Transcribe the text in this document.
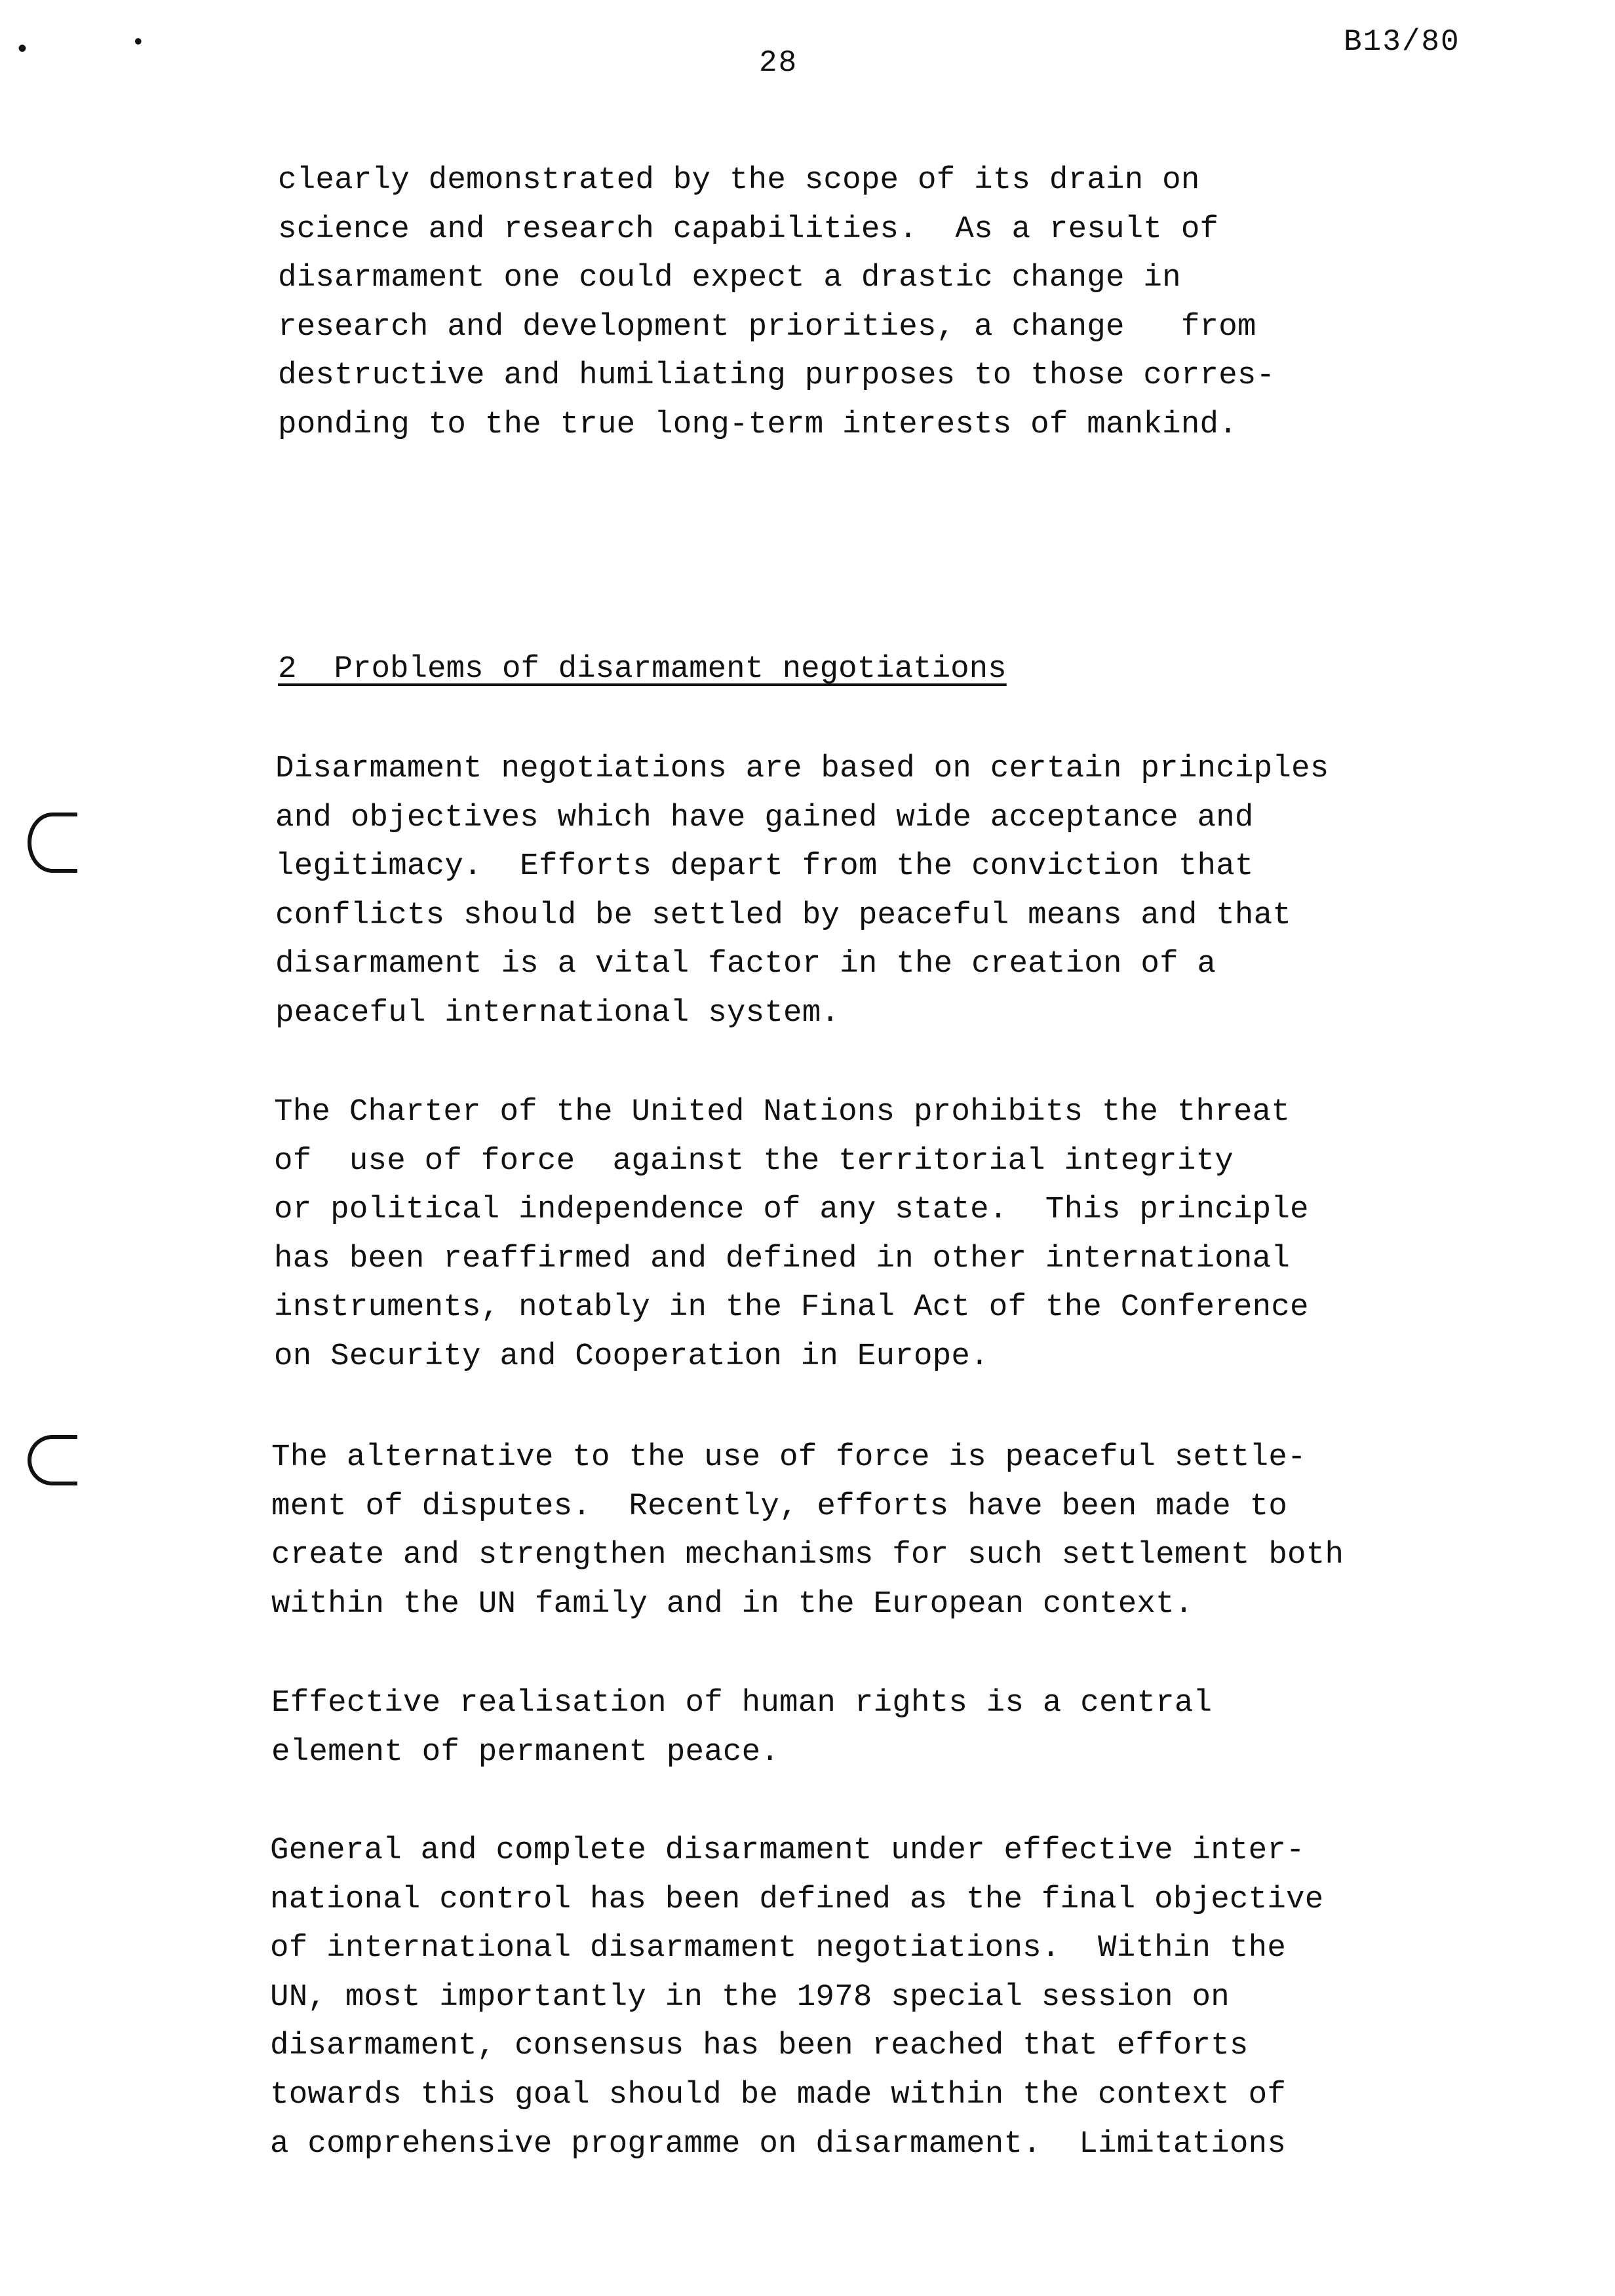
•	•
28
B13/80
clearly demonstrated by the scope of its drain on
science and research capabilities.  As a result of
disarmament one could expect a drastic change in
research and development priorities, a change   from
destructive and humiliating purposes to those corres-
ponding to the true long-term interests of mankind.
2  Problems of disarmament negotiations
Disarmament negotiations are based on certain principles
and objectives which have gained wide acceptance and
legitimacy.  Efforts depart from the conviction that
conflicts should be settled by peaceful means and that
disarmament is a vital factor in the creation of a
peaceful international system.
The Charter of the United Nations prohibits the threat
of  use of force  against the territorial integrity
or political independence of any state.  This principle
has been reaffirmed and defined in other international
instruments, notably in the Final Act of the Conference
on Security and Cooperation in Europe.
The alternative to the use of force is peaceful settle-
ment of disputes.  Recently, efforts have been made to
create and strengthen mechanisms for such settlement both
within the UN family and in the European context.
Effective realisation of human rights is a central
element of permanent peace.
General and complete disarmament under effective inter-
national control has been defined as the final objective
of international disarmament negotiations.  Within the
UN, most importantly in the 1978 special session on
disarmament, consensus has been reached that efforts
towards this goal should be made within the context of
a comprehensive programme on disarmament.  Limitations
